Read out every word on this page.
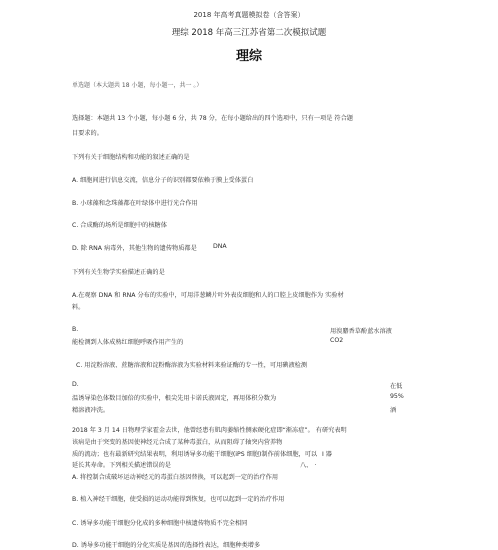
2018 年高考真题模拟卷（含答案）
理综 2018 年高三江苏省第二次模拟试题
理综
单选题（本大题共 18 小题，每小题一，共一 。）
选择题：本题共 13 个小题，每小题 6 分，共 78 分，在每小题给出的四个选项中，只有一项是 符合题
目要求的。
下列有关于细胞结构和功能的叙述正确的是
A. 细胞间进行信息交流，信息分子的识别都要依赖于膜上受体蛋白
B. 小球藻和念珠藻都在叶绿体中进行光合作用
C. 合成酶的场所是细胞中的核糖体
D. 除 RNA 病毒外，其他生物的遗传物质都是	DNA
下列有关生物学实验描述正确的是
A.在观察 DNA 和 RNA 分布的实验中，可用洋葱鳞片叶外表皮细胞和人的口腔上皮细胞作为 实验材
料。
B.	用溴麝香草酚蓝水溶液
能检测到人体成熟红细胞呼吸作用产生的	CO2
C. 用淀粉溶液、蔗糖溶液和淀粉酶溶液为实验材料来验证酶的专一性，可用碘液检测
D.	在低
温诱导染色体数目加倍的实验中，根尖先用卡诺氏液固定，再用体积分数为	95%
精溶液冲洗。	酒
2018 年 3 月 14 日物理学家霍金去世，他曾经患有肌肉萎缩性侧索硬化症即“渐冻症”。 有研究表明
该病是由于突变的基因使神经元合成了某种毒蛋白，从而阻碍了轴突内营养物
质的流动；也有最新研究结果表明，利用诱导多功能干细胞(iPS 细胞)制作前体细胞，可以 I 器
延长其寿命。下列相关描述错误的是	八、 ·
A. 将控制合成破坏运动神经元的毒蛋白基因替换，可以起到一定的治疗作用
B. 植入神经干细胞，使受损的运动功能得到恢复，也可以起到一定的治疗作用
C. 诱导多功能干细胞分化成的多种细胞中核遗传物质不完全相同
D. 诱导多功能干细胞的分化实质是基因的选择性表达，细胞种类增多
